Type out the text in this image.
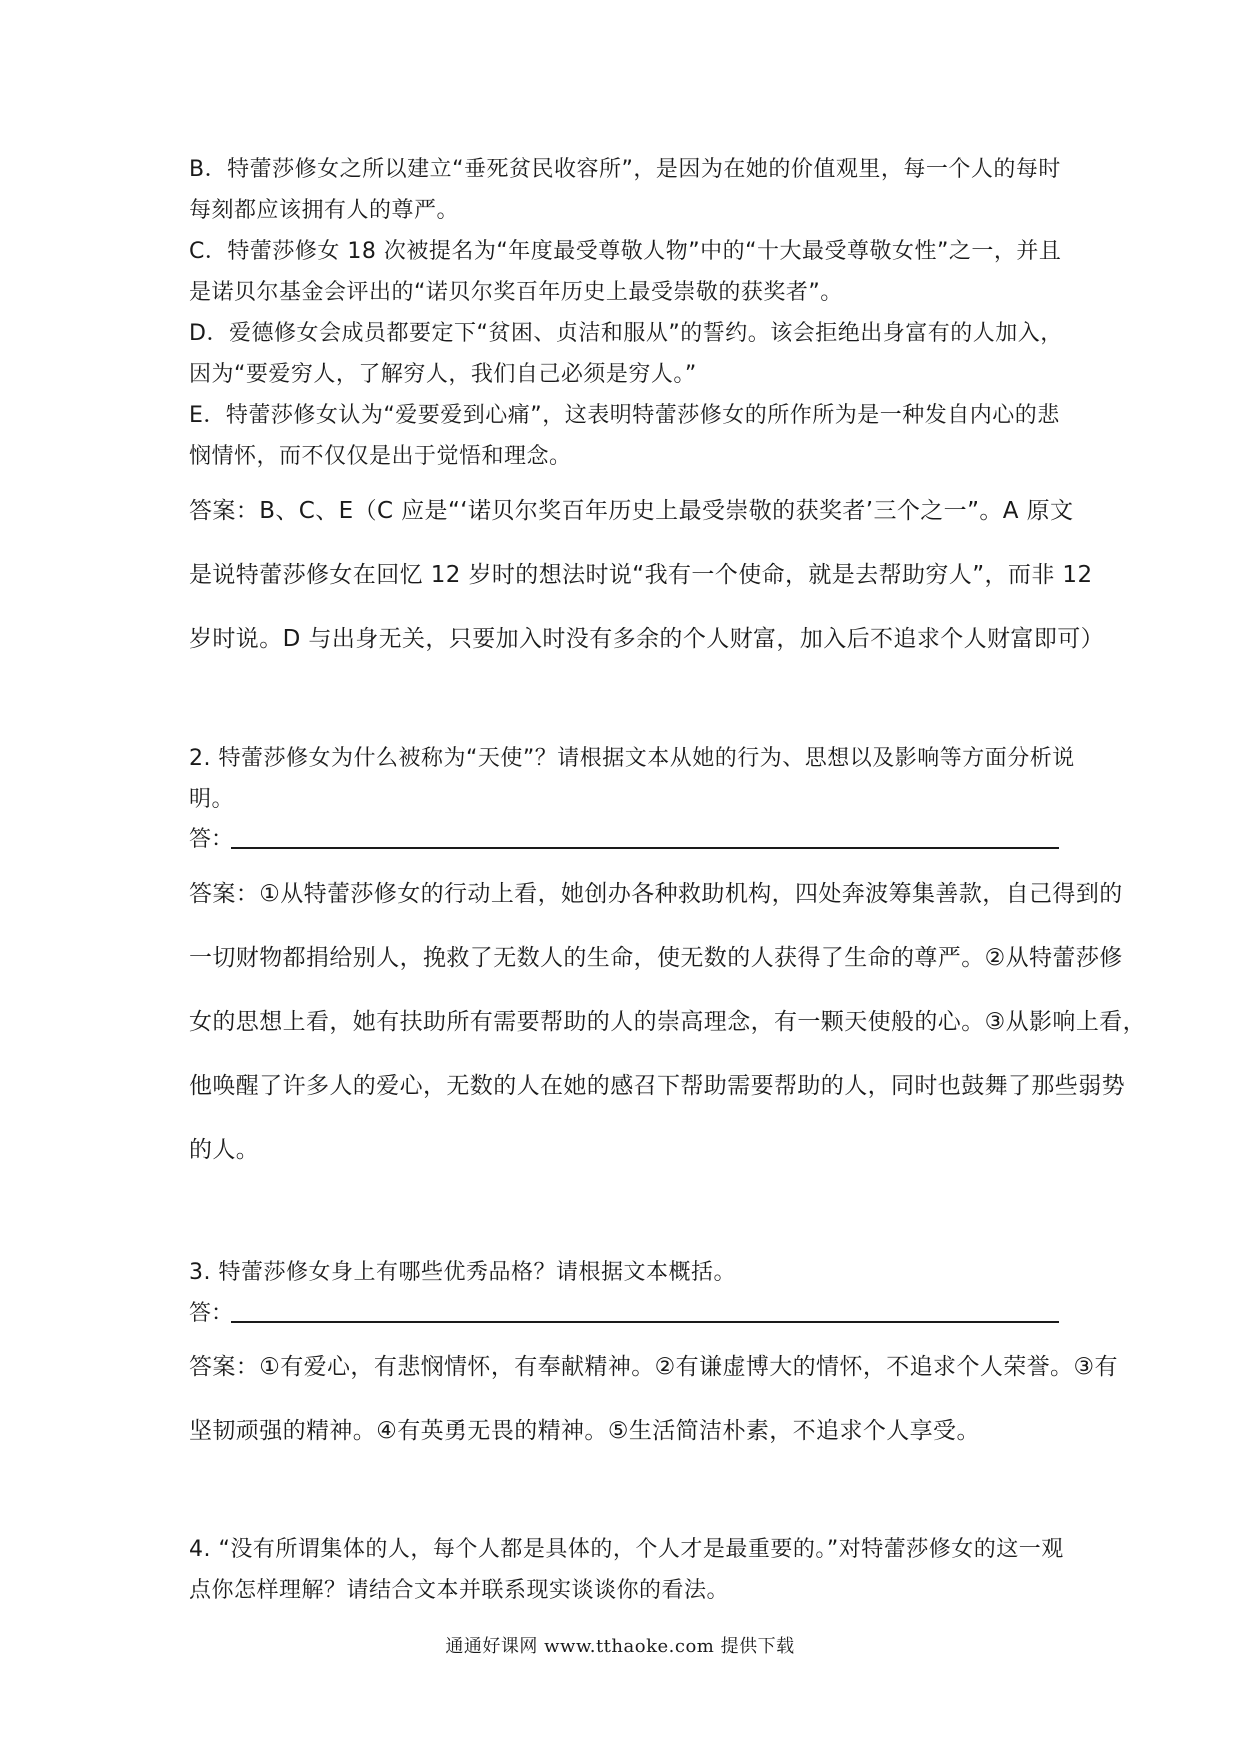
B．特蕾莎修女之所以建立“垂死贫民收容所”，是因为在她的价值观里，每一个人的每时
每刻都应该拥有人的尊严。
C．特蕾莎修女 18 次被提名为“年度最受尊敬人物”中的“十大最受尊敬女性”之一，并且
是诺贝尔基金会评出的“诺贝尔奖百年历史上最受崇敬的获奖者”。
D．爱德修女会成员都要定下“贫困、贞洁和服从”的誓约。该会拒绝出身富有的人加入，
因为“要爱穷人，了解穷人，我们自己必须是穷人。”
E．特蕾莎修女认为“爱要爱到心痛”，这表明特蕾莎修女的所作所为是一种发自内心的悲
悯情怀，而不仅仅是出于觉悟和理念。
答案：B、C、E（C 应是“‘诺贝尔奖百年历史上最受崇敬的获奖者’三个之一”。A 原文
是说特蕾莎修女在回忆 12 岁时的想法时说“我有一个使命，就是去帮助穷人”，而非 12
岁时说。D 与出身无关，只要加入时没有多余的个人财富，加入后不追求个人财富即可）
2. 特蕾莎修女为什么被称为“天使”？请根据文本从她的行为、思想以及影响等方面分析说
明。
答：
答案：①从特蕾莎修女的行动上看，她创办各种救助机构，四处奔波筹集善款，自己得到的
一切财物都捐给别人，挽救了无数人的生命，使无数的人获得了生命的尊严。②从特蕾莎修
女的思想上看，她有扶助所有需要帮助的人的崇高理念，有一颗天使般的心。③从影响上看，
他唤醒了许多人的爱心，无数的人在她的感召下帮助需要帮助的人，同时也鼓舞了那些弱势
的人。
3. 特蕾莎修女身上有哪些优秀品格？请根据文本概括。
答：
答案：①有爱心，有悲悯情怀，有奉献精神。②有谦虚博大的情怀，不追求个人荣誉。③有
坚韧顽强的精神。④有英勇无畏的精神。⑤生活简洁朴素，不追求个人享受。
4. “没有所谓集体的人，每个人都是具体的，个人才是最重要的。”对特蕾莎修女的这一观
点你怎样理解？请结合文本并联系现实谈谈你的看法。
通通好课网 www.tthaoke.com 提供下载
